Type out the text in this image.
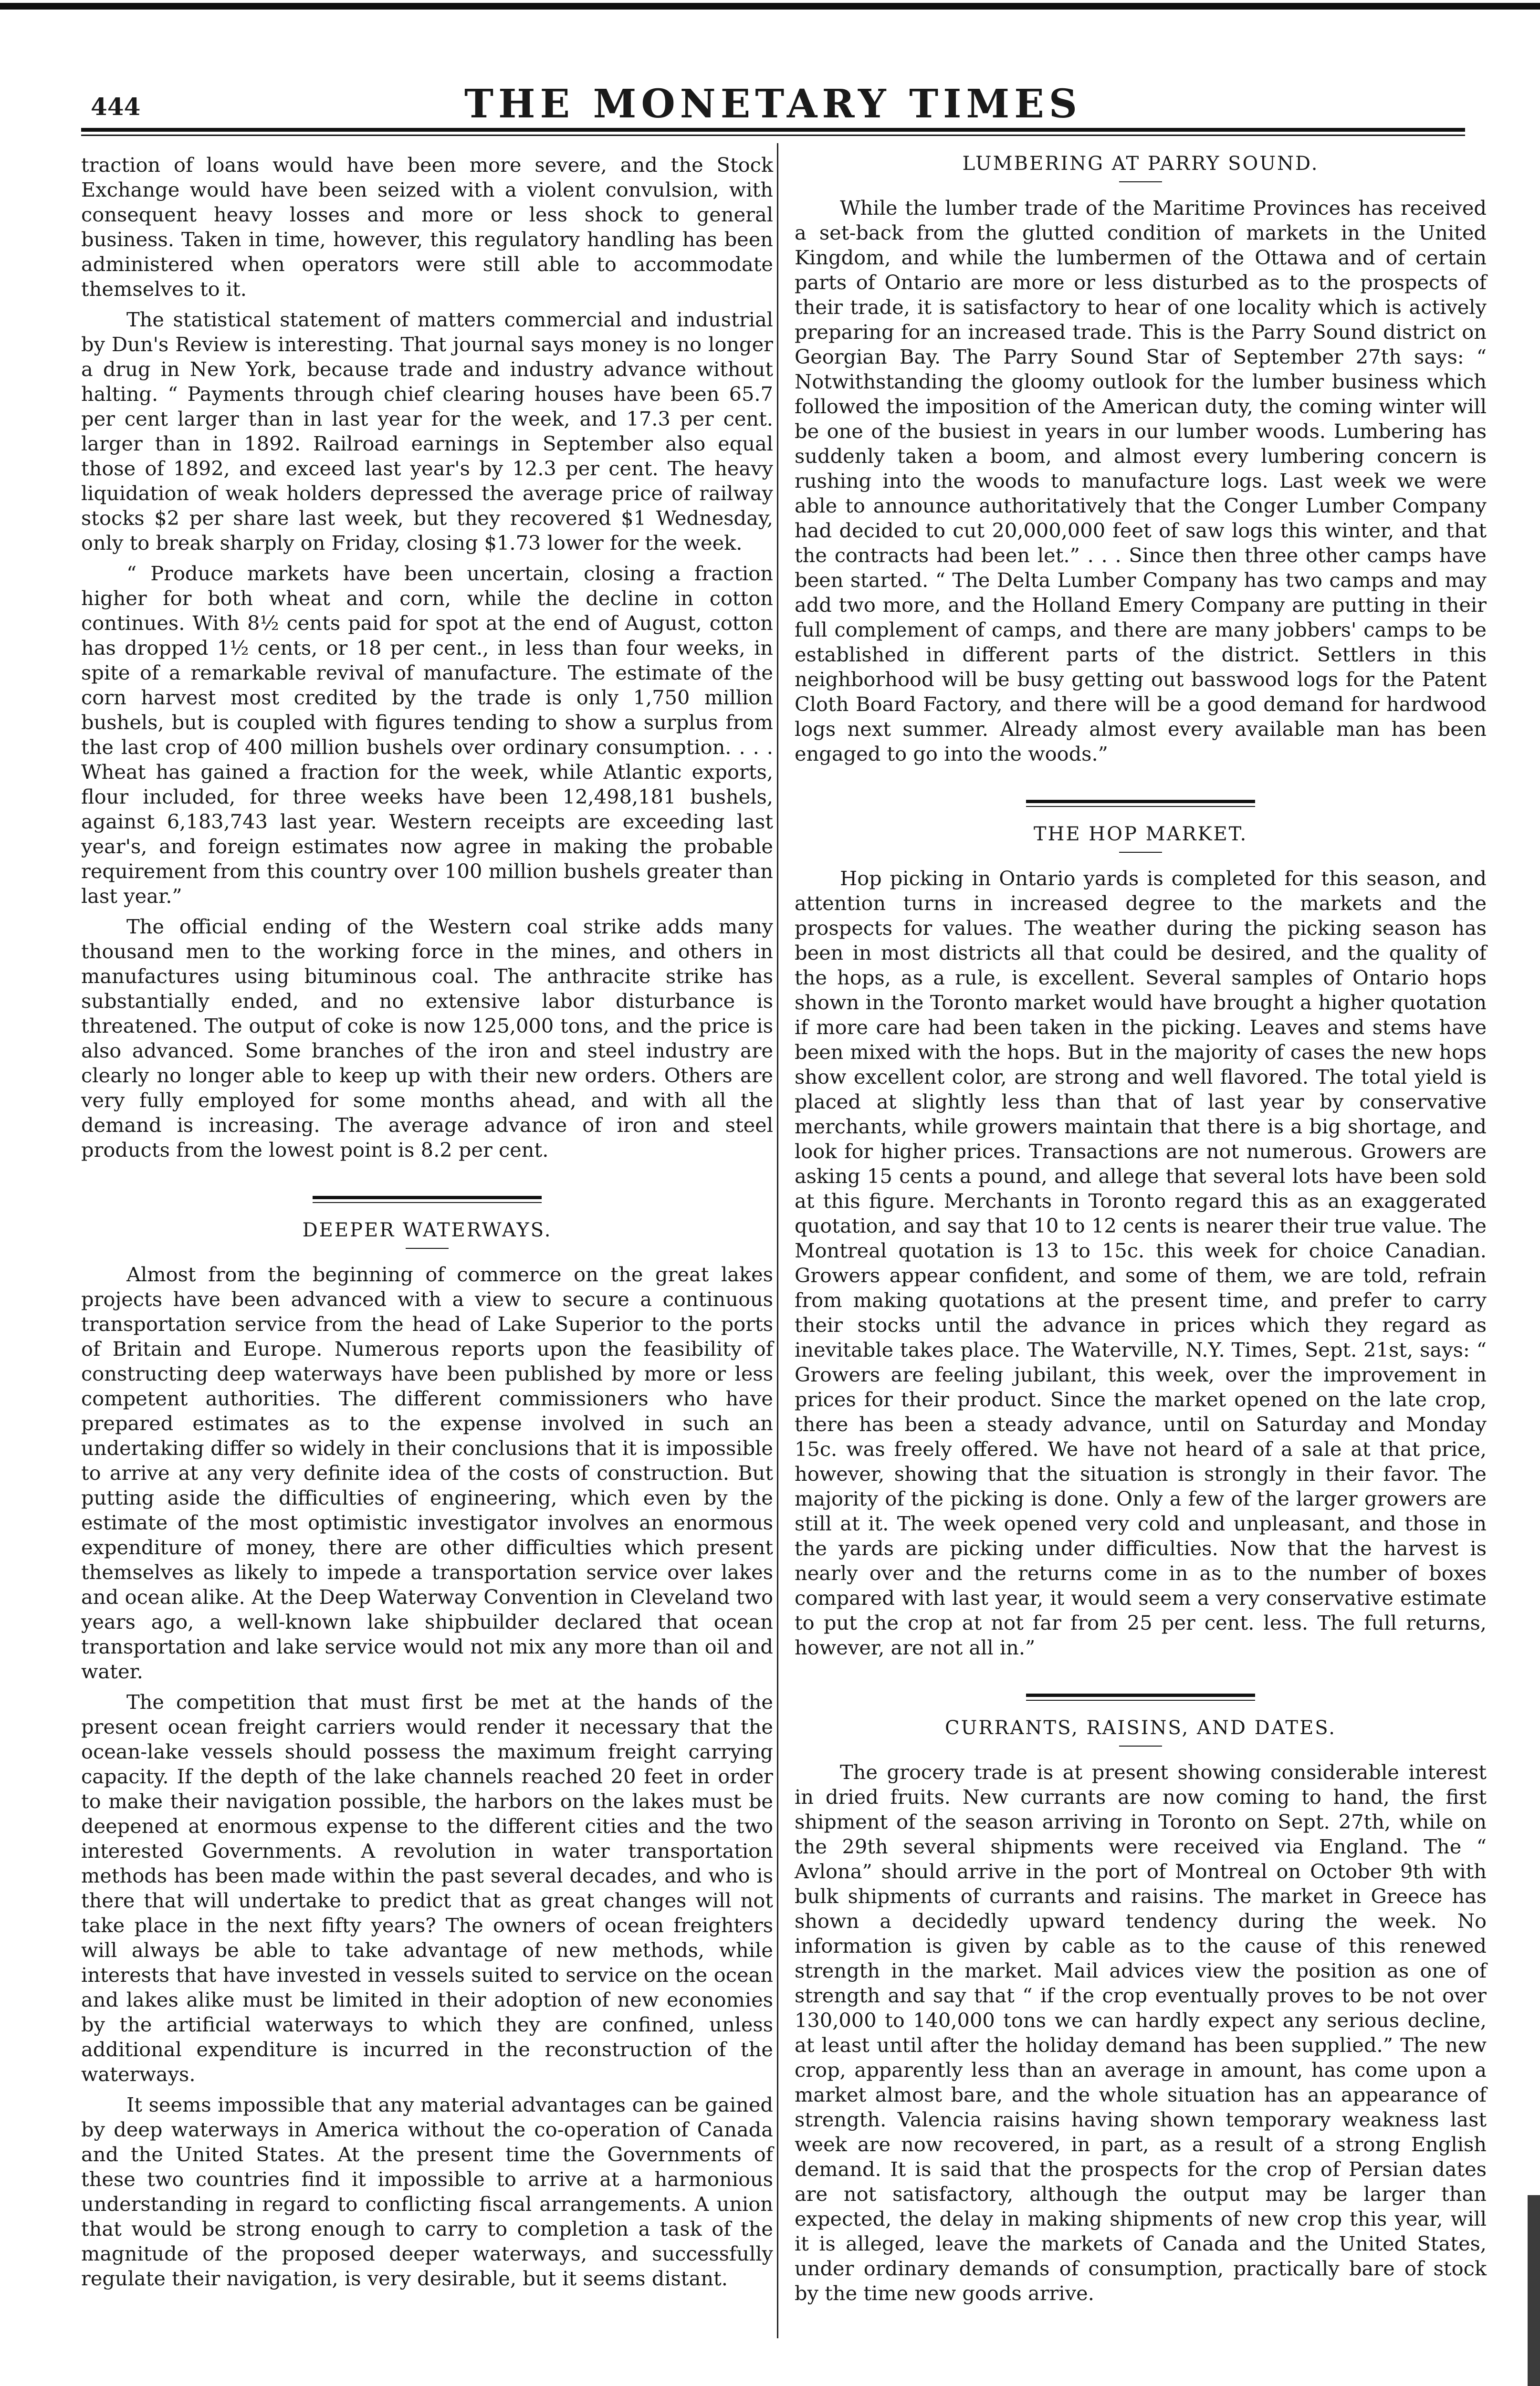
444	THE MONETARY TIMES

traction of loans would have been more severe, and the Stock Exchange would have been seized with a violent convulsion, with consequent heavy losses and more or less shock to general business. Taken in time, however, this regulatory handling has been administered when operators were still able to accommodate themselves to it.

The statistical statement of matters commercial and industrial by Dun's Review is interesting. That journal says money is no longer a drug in New York, because trade and industry advance without halting. “ Payments through chief clearing houses have been 65.7 per cent larger than in last year for the week, and 17.3 per cent. larger than in 1892. Railroad earnings in September also equal those of 1892, and exceed last year's by 12.3 per cent. The heavy liquidation of weak holders depressed the average price of railway stocks $2 per share last week, but they recovered $1 Wednesday, only to break sharply on Friday, closing $1.73 lower for the week.

“ Produce markets have been uncertain, closing a fraction higher for both wheat and corn, while the decline in cotton continues. With 8½ cents paid for spot at the end of August, cotton has dropped 1½ cents, or 18 per cent., in less than four weeks, in spite of a remarkable revival of manufacture. The estimate of the corn harvest most credited by the trade is only 1,750 million bushels, but is coupled with figures tending to show a surplus from the last crop of 400 million bushels over ordinary consumption. . . . Wheat has gained a fraction for the week, while Atlantic exports, flour included, for three weeks have been 12,498,181 bushels, against 6,183,743 last year. Western receipts are exceeding last year's, and foreign estimates now agree in making the probable requirement from this country over 100 million bushels greater than last year.”

The official ending of the Western coal strike adds many thousand men to the working force in the mines, and others in manufactures using bituminous coal. The anthracite strike has substantially ended, and no extensive labor disturbance is threatened. The output of coke is now 125,000 tons, and the price is also advanced. Some branches of the iron and steel industry are clearly no longer able to keep up with their new orders. Others are very fully employed for some months ahead, and with all the demand is increasing. The average advance of iron and steel products from the lowest point is 8.2 per cent.

DEEPER WATERWAYS.

Almost from the beginning of commerce on the great lakes projects have been advanced with a view to secure a continuous transportation service from the head of Lake Superior to the ports of Britain and Europe. Numerous reports upon the feasibility of constructing deep waterways have been published by more or less competent authorities. The different commissioners who have prepared estimates as to the expense involved in such an undertaking differ so widely in their conclusions that it is impossible to arrive at any very definite idea of the costs of construction. But putting aside the difficulties of engineering, which even by the estimate of the most optimistic investigator involves an enormous expenditure of money, there are other difficulties which present themselves as likely to impede a transportation service over lakes and ocean alike. At the Deep Waterway Convention in Cleveland two years ago, a well-known lake shipbuilder declared that ocean transportation and lake service would not mix any more than oil and water.

The competition that must first be met at the hands of the present ocean freight carriers would render it necessary that the ocean-lake vessels should possess the maximum freight carrying capacity. If the depth of the lake channels reached 20 feet in order to make their navigation possible, the harbors on the lakes must be deepened at enormous expense to the different cities and the two interested Governments. A revolution in water transportation methods has been made within the past several decades, and who is there that will undertake to predict that as great changes will not take place in the next fifty years? The owners of ocean freighters will always be able to take advantage of new methods, while interests that have invested in vessels suited to service on the ocean and lakes alike must be limited in their adoption of new economies by the artificial waterways to which they are confined, unless additional expenditure is incurred in the reconstruction of the waterways.

It seems impossible that any material advantages can be gained by deep waterways in America without the co-operation of Canada and the United States. At the present time the Governments of these two countries find it impossible to arrive at a harmonious understanding in regard to conflicting fiscal arrangements. A union that would be strong enough to carry to completion a task of the magnitude of the proposed deeper waterways, and successfully regulate their navigation, is very desirable, but it seems distant.

LUMBERING AT PARRY SOUND.

While the lumber trade of the Maritime Provinces has received a set-back from the glutted condition of markets in the United Kingdom, and while the lumbermen of the Ottawa and of certain parts of Ontario are more or less disturbed as to the prospects of their trade, it is satisfactory to hear of one locality which is actively preparing for an increased trade. This is the Parry Sound district on Georgian Bay. The Parry Sound Star of September 27th says: “ Notwithstanding the gloomy outlook for the lumber business which followed the imposition of the American duty, the coming winter will be one of the busiest in years in our lumber woods. Lumbering has suddenly taken a boom, and almost every lumbering concern is rushing into the woods to manufacture logs. Last week we were able to announce authoritatively that the Conger Lumber Company had decided to cut 20,000,000 feet of saw logs this winter, and that the contracts had been let.” . . . Since then three other camps have been started. “ The Delta Lumber Company has two camps and may add two more, and the Holland Emery Company are putting in their full complement of camps, and there are many jobbers' camps to be established in different parts of the district. Settlers in this neighborhood will be busy getting out basswood logs for the Patent Cloth Board Factory, and there will be a good demand for hardwood logs next summer. Already almost every available man has been engaged to go into the woods.”

THE HOP MARKET.

Hop picking in Ontario yards is completed for this season, and attention turns in increased degree to the markets and the prospects for values. The weather during the picking season has been in most districts all that could be desired, and the quality of the hops, as a rule, is excellent. Several samples of Ontario hops shown in the Toronto market would have brought a higher quotation if more care had been taken in the picking. Leaves and stems have been mixed with the hops. But in the majority of cases the new hops show excellent color, are strong and well flavored. The total yield is placed at slightly less than that of last year by conservative merchants, while growers maintain that there is a big shortage, and look for higher prices. Transactions are not numerous. Growers are asking 15 cents a pound, and allege that several lots have been sold at this figure. Merchants in Toronto regard this as an exaggerated quotation, and say that 10 to 12 cents is nearer their true value. The Montreal quotation is 13 to 15c. this week for choice Canadian. Growers appear confident, and some of them, we are told, refrain from making quotations at the present time, and prefer to carry their stocks until the advance in prices which they regard as inevitable takes place. The Waterville, N.Y. Times, Sept. 21st, says: “ Growers are feeling jubilant, this week, over the improvement in prices for their product. Since the market opened on the late crop, there has been a steady advance, until on Saturday and Monday 15c. was freely offered. We have not heard of a sale at that price, however, showing that the situation is strongly in their favor. The majority of the picking is done. Only a few of the larger growers are still at it. The week opened very cold and unpleasant, and those in the yards are picking under difficulties. Now that the harvest is nearly over and the returns come in as to the number of boxes compared with last year, it would seem a very conservative estimate to put the crop at not far from 25 per cent. less. The full returns, however, are not all in.”

CURRANTS, RAISINS, AND DATES.

The grocery trade is at present showing considerable interest in dried fruits. New currants are now coming to hand, the first shipment of the season arriving in Toronto on Sept. 27th, while on the 29th several shipments were received via England. The “ Avlona” should arrive in the port of Montreal on October 9th with bulk shipments of currants and raisins. The market in Greece has shown a decidedly upward tendency during the week. No information is given by cable as to the cause of this renewed strength in the market. Mail advices view the position as one of strength and say that “ if the crop eventually proves to be not over 130,000 to 140,000 tons we can hardly expect any serious decline, at least until after the holiday demand has been supplied.” The new crop, apparently less than an average in amount, has come upon a market almost bare, and the whole situation has an appearance of strength. Valencia raisins having shown temporary weakness last week are now recovered, in part, as a result of a strong English demand. It is said that the prospects for the crop of Persian dates are not satisfactory, although the output may be larger than expected, the delay in making shipments of new crop this year, will it is alleged, leave the markets of Canada and the United States, under ordinary demands of consumption, practically bare of stock by the time new goods arrive.
